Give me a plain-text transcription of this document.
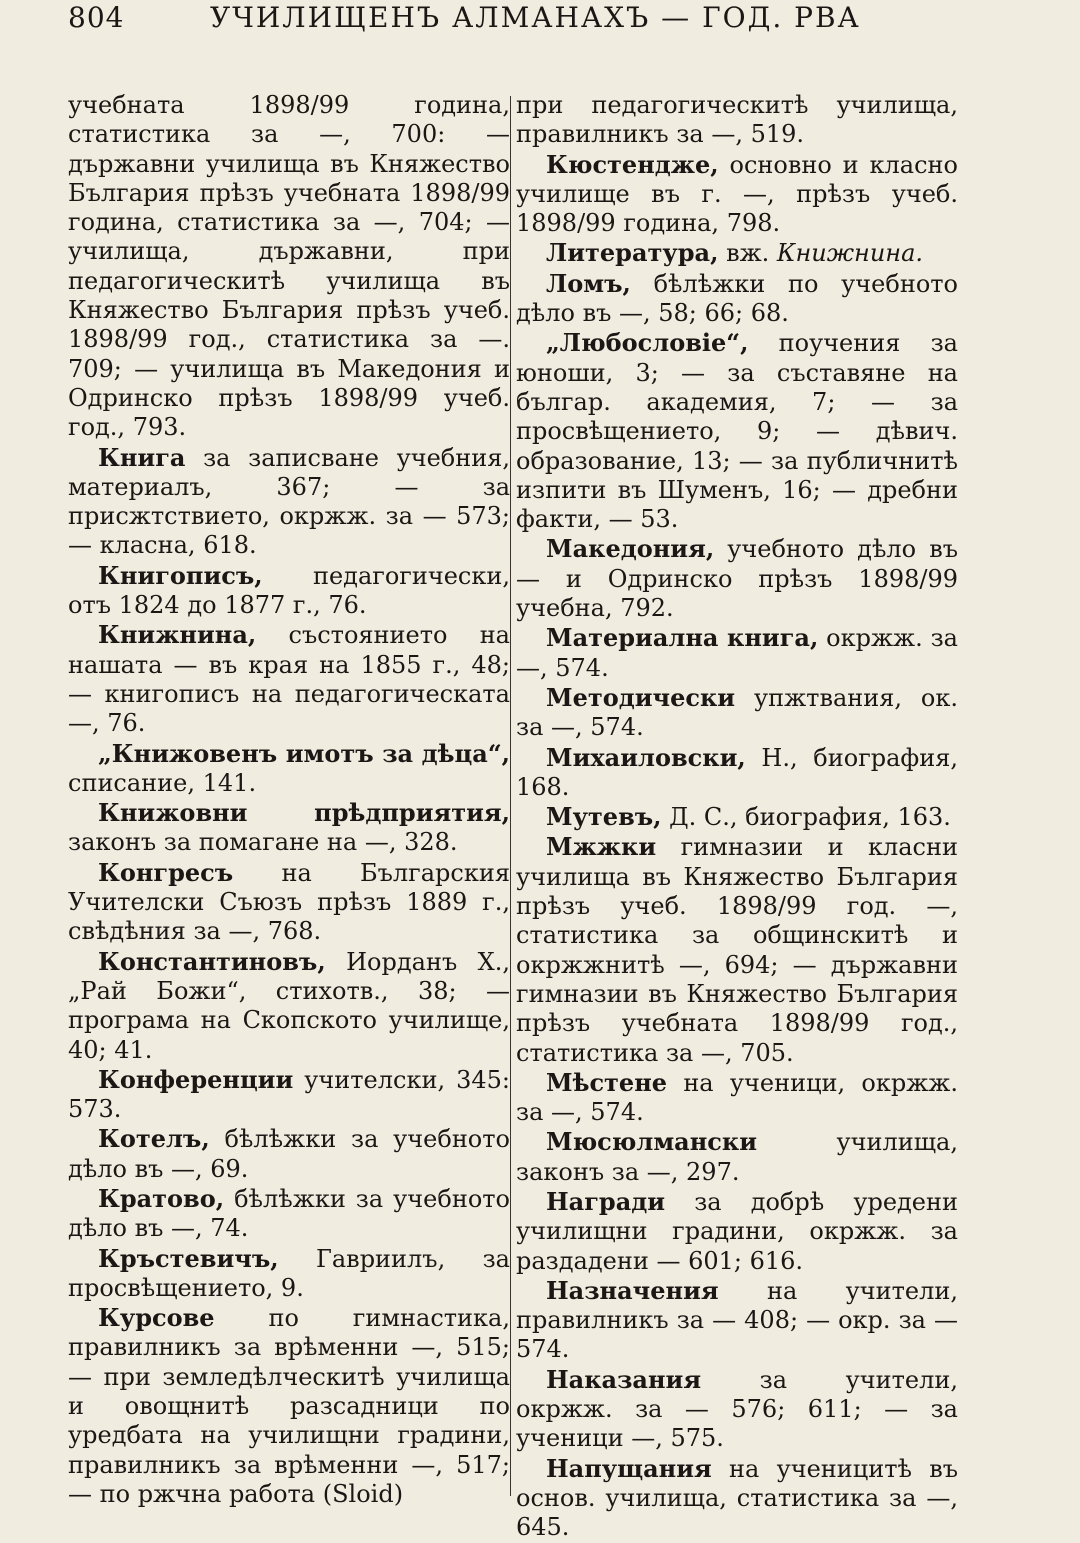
804	УЧИЛИЩЕНЪ АЛМАНАХЪ — ГОД. РВА

учебната 1898/99 година, статистика за —, 700: — държавни училища въ Княжество България прѣзъ учебната 1898/99 година, статистика за —, 704; — училища, държавни, при педагогическитѣ училища въ Княжество България прѣзъ учеб. 1898/99 год., статистика за —. 709; — училища въ Македония и Одринско прѣзъ 1898/99 учеб. год., 793.

Книга за записване учебния, материалъ, 367; — за присжтствието, окржж. за — 573; — класна, 618.

Книгописъ, педагогически, отъ 1824 до 1877 г., 76.

Книжнина, състоянието на нашата — въ края на 1855 г., 48; — книгописъ на педагогическата —, 76.

„Книжовенъ имотъ за дѣца“, списание, 141.

Книжовни прѣдприятия, законъ за помагане на —, 328.

Конгресъ на Българския Учителски Съюзъ прѣзъ 1889 г., свѣдѣния за —, 768.

Константиновъ, Иорданъ Х., „Рай Божи“, стихотв., 38; — програма на Скопското училище, 40; 41.

Конференции учителски, 345: 573.

Котелъ, бѣлѣжки за учебното дѣло въ —, 69.

Кратово, бѣлѣжки за учебното дѣло въ —, 74.

Кръстевичъ, Гавриилъ, за просвѣщението, 9.

Курсове по гимнастика, правилникъ за врѣменни —, 515; — при земледѣлческитѣ училища и овощнитѣ разсадници по уредбата на училищни градини, правилникъ за врѣменни —, 517; — по ржчна работа (Sloid)

при педагогическитѣ училища, правилникъ за —, 519.

Кюстендже, основно и класно училище въ г. —, прѣзъ учеб. 1898/99 година, 798.

Литература, вж. Книжнина.

Ломъ, бѣлѣжки по учебното дѣло въ —, 58; 66; 68.

„Любословіе“, поучения за юноши, 3; — за съставяне на българ. академия, 7; — за просвѣщението, 9; — дѣвич. образование, 13; — за публичнитѣ изпити въ Шуменъ, 16; — дребни факти, — 53.

Македония, учебното дѣло въ — и Одринско прѣзъ 1898/99 учебна, 792.

Материална книга, окржж. за —, 574.

Методически упжтвания, ок. за —, 574.

Михаиловски, Н., биография, 168.

Мутевъ, Д. С., биография, 163.

Мжжки гимназии и класни училища въ Княжество България прѣзъ учеб. 1898/99 год. —, статистика за общинскитѣ и окржжнитѣ —, 694; — държавни гимназии въ Княжество България прѣзъ учебната 1898/99 год., статистика за —, 705.

Мѣстене на ученици, окржж. за —, 574.

Мюсюлмански	училища, законъ за —, 297.

Награди за добрѣ уредени училищни градини, окржж. за раздадени — 601; 616.

Назначения на учители, правилникъ за — 408; — окр. за — 574.

Наказания за учители, окржж. за — 576; 611; — за ученици —, 575.

Напущания на ученицитѣ въ основ. училища, статистика за —, 645.
